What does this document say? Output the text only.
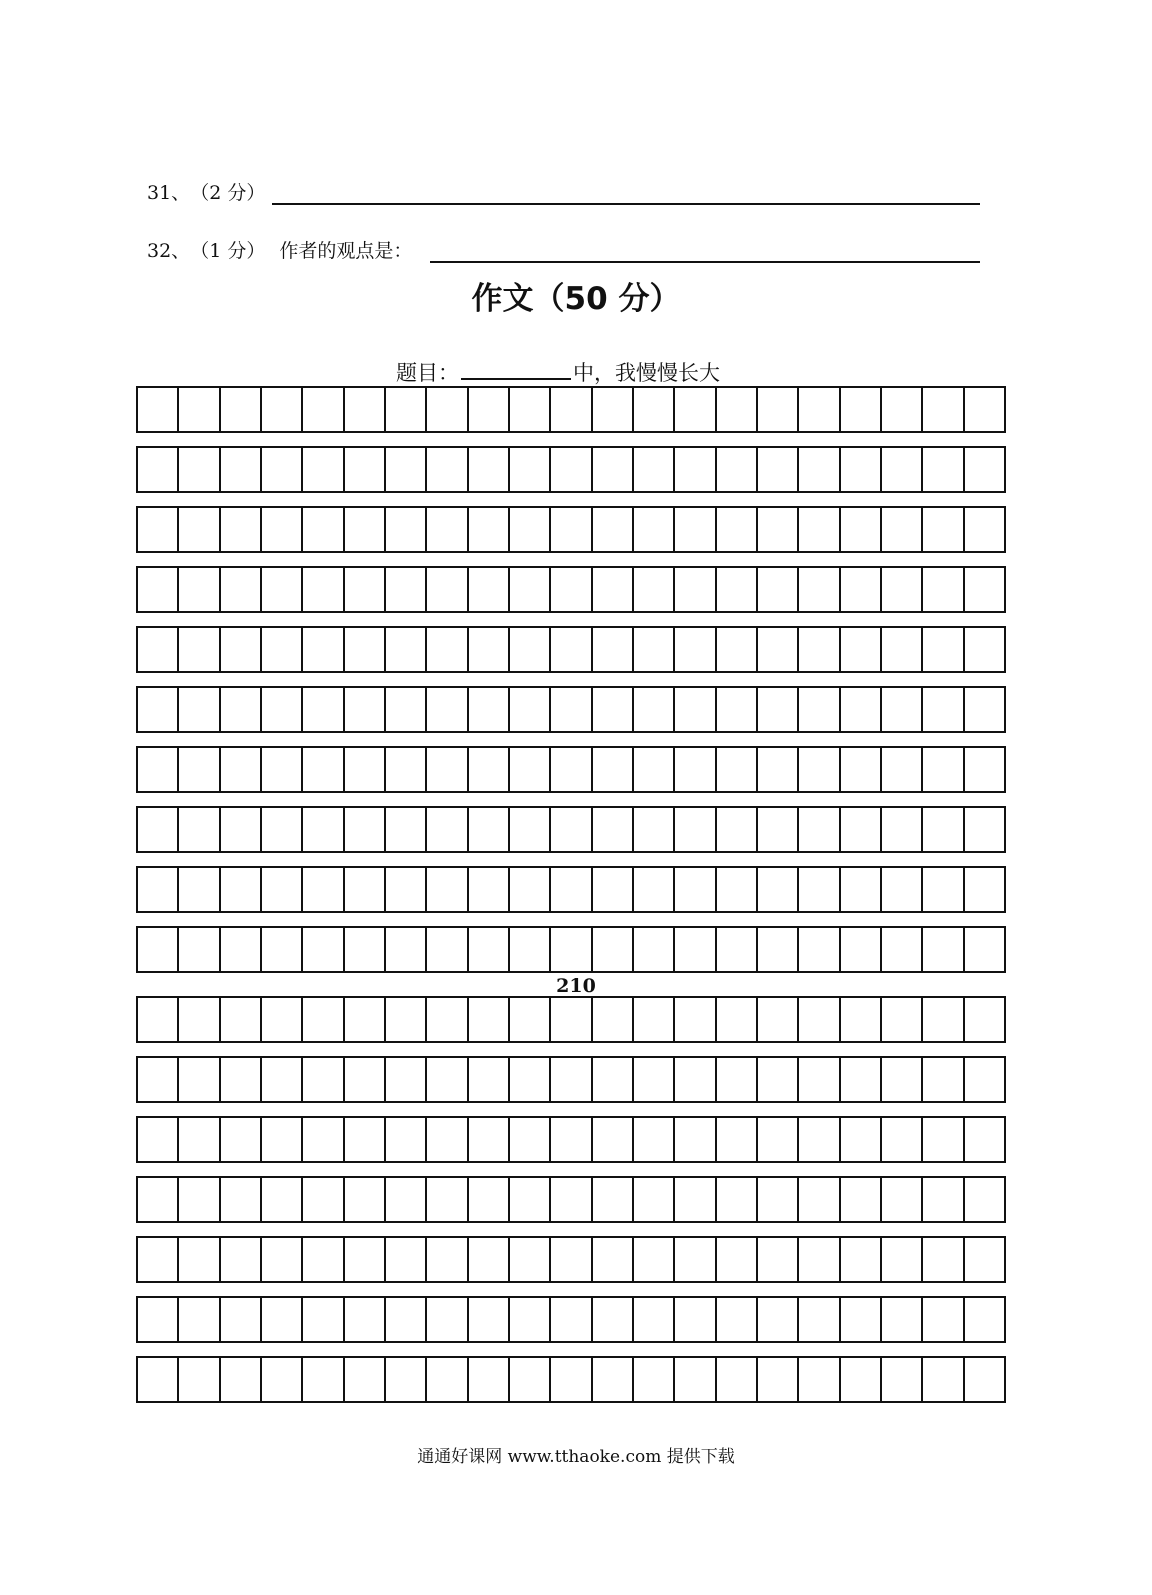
31、（2 分）
32、（1 分） 作者的观点是：
作文（50 分）
题目：	中，我慢慢长大
210
通通好课网 www.tthaoke.com 提供下载
